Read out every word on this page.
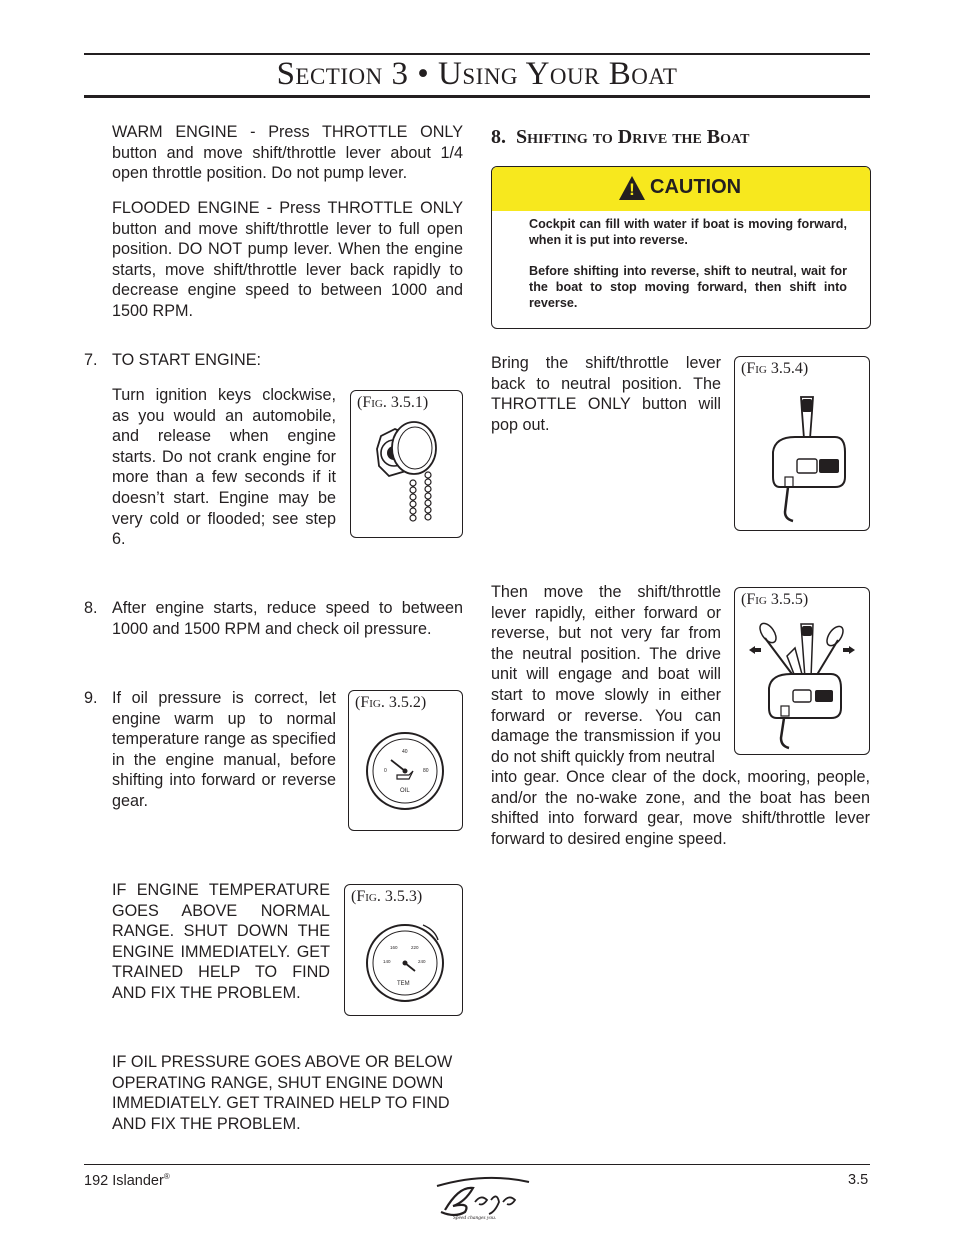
Section 3 • Using Your Boat
WARM ENGINE - Press THROTTLE ONLY button and move shift/throttle lever about 1/4 open throttle position. Do not pump lever.
FLOODED ENGINE - Press THROTTLE ONLY button and move shift/throttle lever to full open position. DO NOT pump lever. When the engine starts, move shift/throttle lever back rapidly to decrease engine speed to between 1000 and 1500 RPM.
7. TO START ENGINE:
Turn ignition keys clockwise, as you would an automobile, and release when engine starts. Do not crank engine for more than a few seconds if it doesn’t start. Engine may be very cold or flooded; see step 6.
(Fig. 3.5.1)
8. After engine starts, reduce speed to between 1000 and 1500 RPM and check oil pressure.
9. If oil pressure is correct, let engine warm up to normal temperature range as specified in the engine manual, before shifting into forward or reverse gear.
(Fig. 3.5.2)
40
0	80
OIL
IF ENGINE TEMPERATURE GOES ABOVE NORMAL RANGE. SHUT DOWN THE ENGINE IMMEDIATELY. GET TRAINED HELP TO FIND AND FIX THE PROBLEM.
(Fig. 3.5.3)
160	220
140	240
TEM
IF OIL PRESSURE GOES ABOVE OR BELOW OPERATING RANGE, SHUT ENGINE DOWN IMMEDIATELY. GET TRAINED HELP TO FIND AND FIX THE PROBLEM.
8. Shifting to Drive the Boat
! CAUTION
Cockpit can fill with water if boat is moving forward, when it is put into reverse.
Before shifting into reverse, shift to neutral, wait for the boat to stop moving forward, then shift into reverse.
Bring the shift/throttle lever back to neutral position. The THROTTLE ONLY button will pop out.
(Fig 3.5.4)
Then move the shift/throttle lever rapidly, either forward or reverse, but not very far from the neutral position. The drive unit will engage and boat will start to move slowly in either forward or reverse. You can damage the transmission if you do not shift quickly from neutral
(Fig 3.5.5)
into gear. Once clear of the dock, mooring, people, and/or the no-wake zone, and the boat has been shifted into forward gear, move shift/throttle lever forward to desired engine speed.
192 Islander®
Speed changes you.
3.5
